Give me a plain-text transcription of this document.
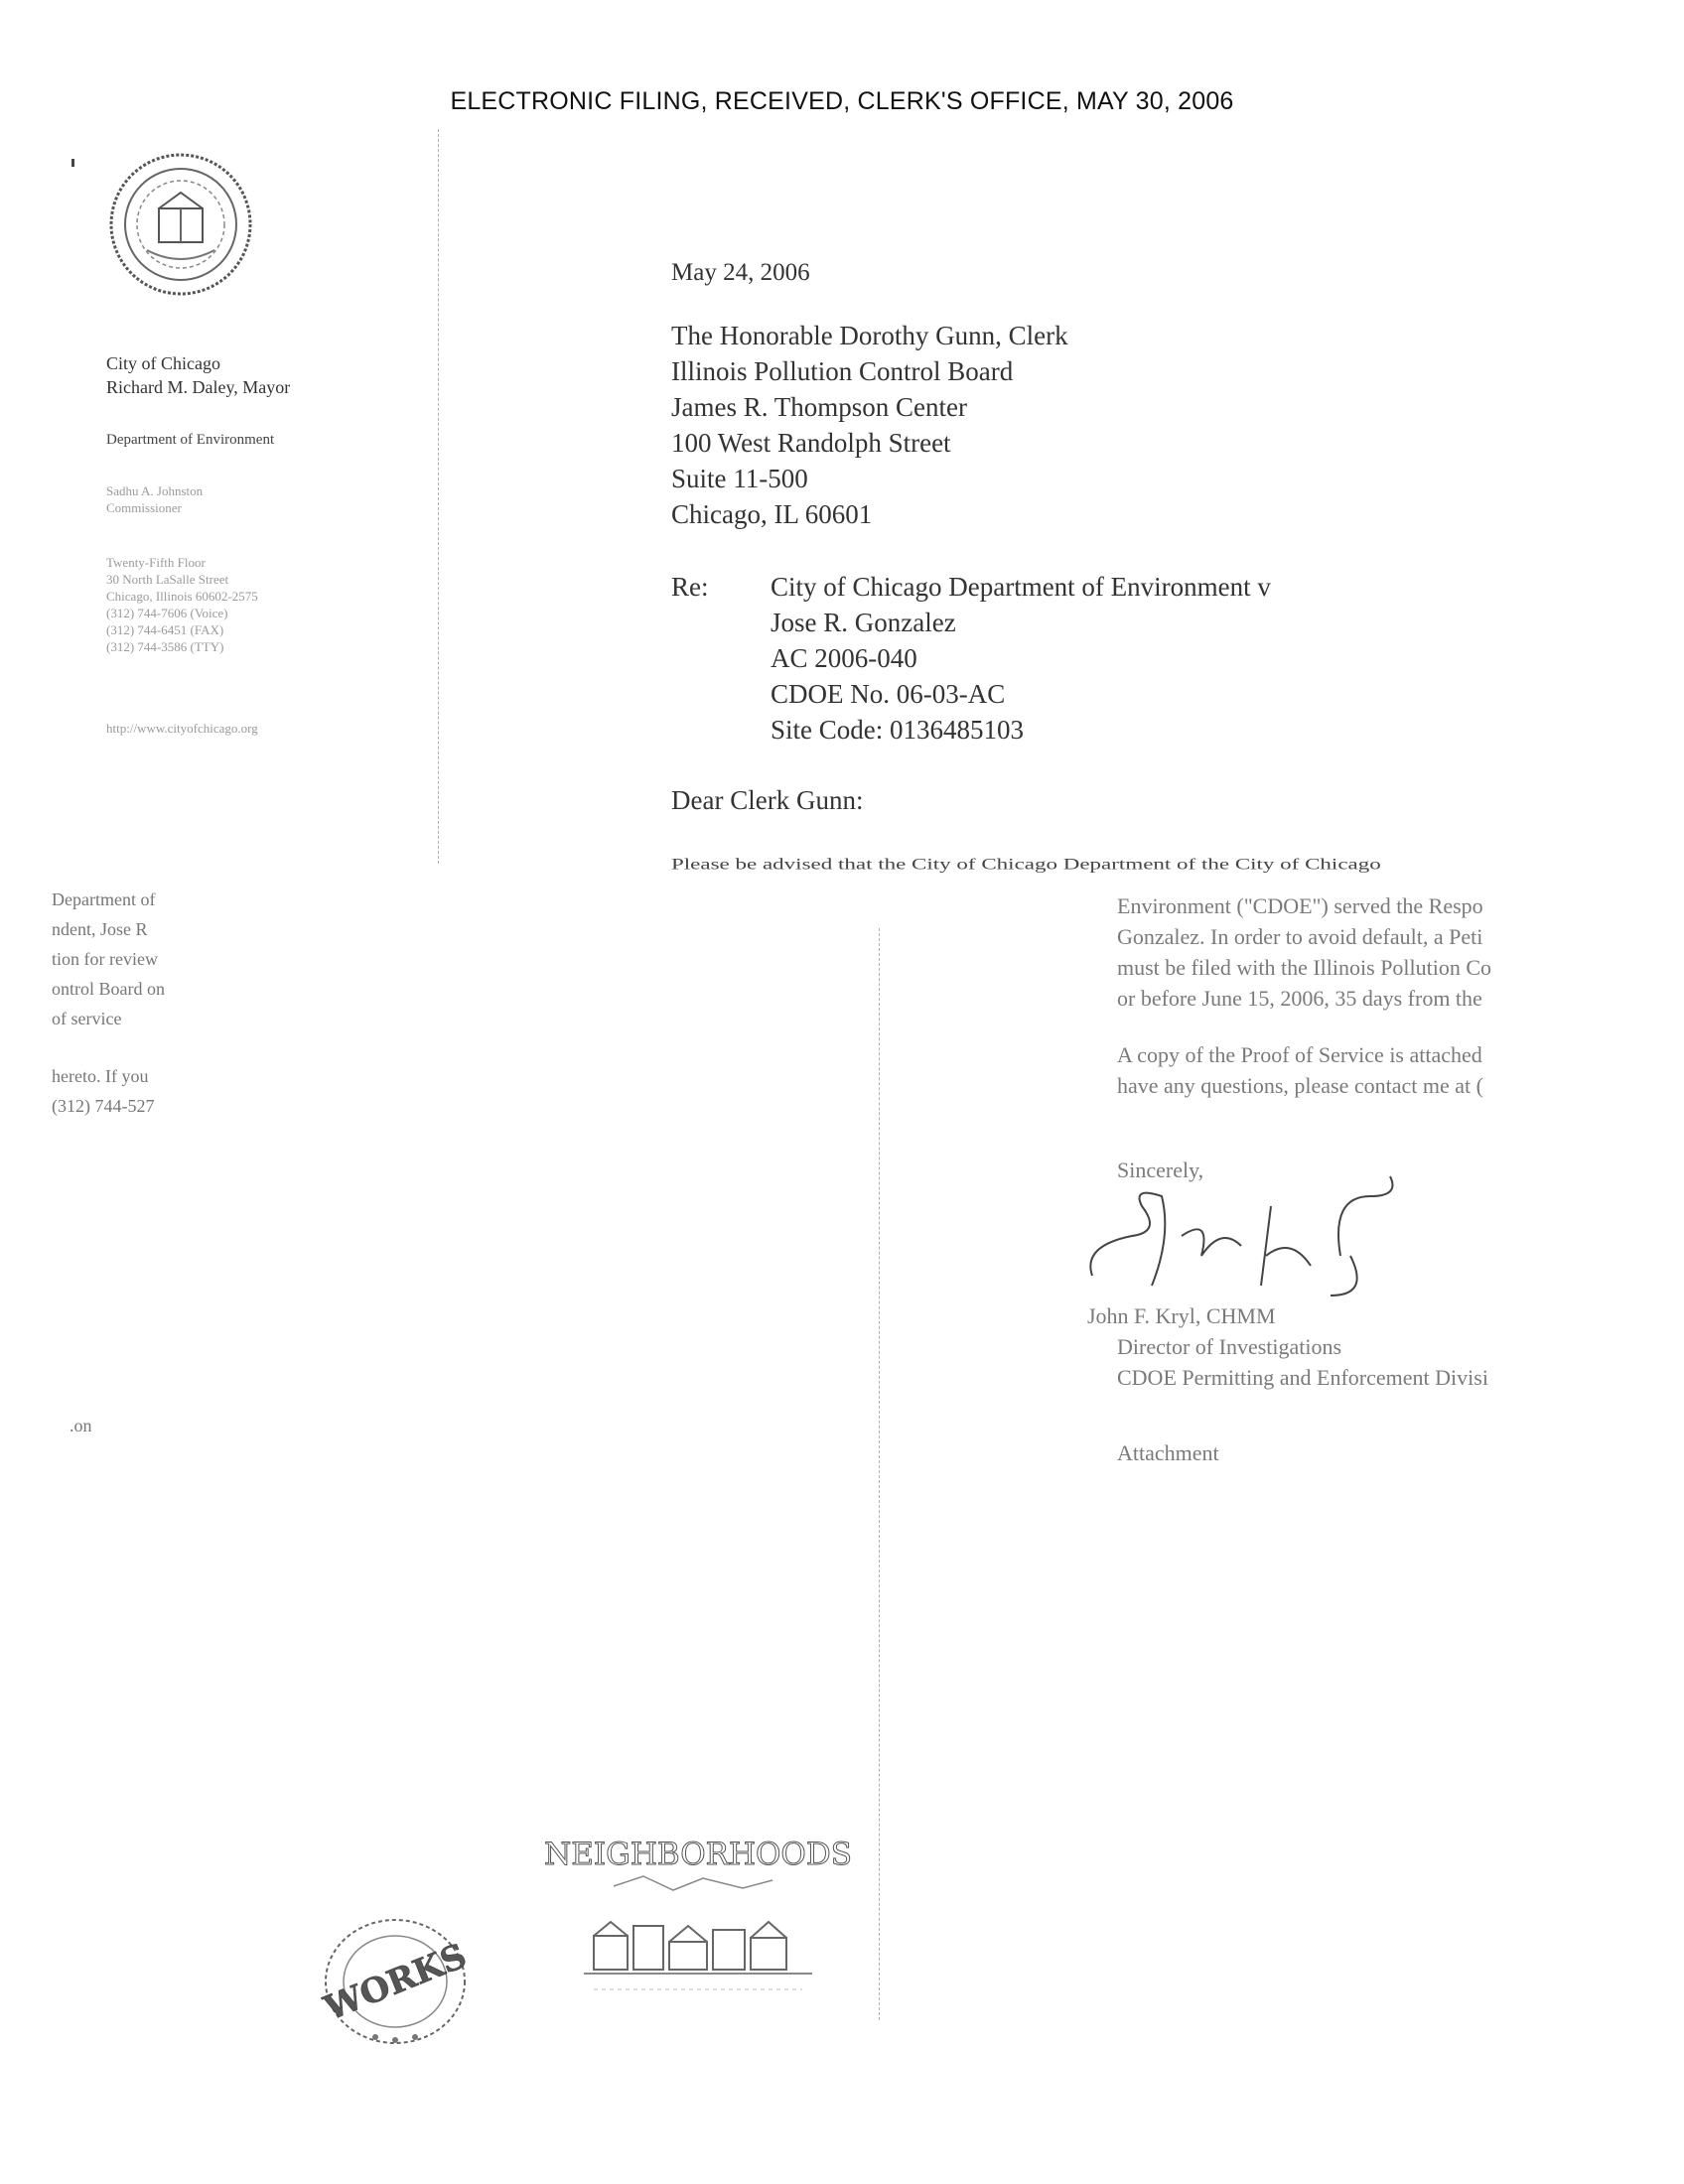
ELECTRONIC FILING, RECEIVED, CLERK'S OFFICE, MAY 30, 2006
City of Chicago
Richard M. Daley, Mayor
Department of Environment
Sadhu A. Johnston
Commissioner
Twenty-Fifth Floor
30 North LaSalle Street
Chicago, Illinois 60602-2575
(312) 744-7606 (Voice)
(312) 744-6451 (FAX)
(312) 744-3586 (TTY)
http://www.cityofchicago.org
May 24, 2006
The Honorable Dorothy Gunn, Clerk
Illinois Pollution Control Board
James R. Thompson Center
100 West Randolph Street
Suite 11-500
Chicago, IL 60601
Re: City of Chicago Department of Environment v
Jose R. Gonzalez
AC 2006-040
CDOE No. 06-03-AC
Site Code: 0136485103
Dear Clerk Gunn:
Please be advised that the City of Chicago Department of the City of Chicago
Environment ("CDOE") served the Respo
Gonzalez. In order to avoid default, a Peti
must be filed with the Illinois Pollution Co
or before June 15, 2006, 35 days from the
A copy of the Proof of Service is attached
have any questions, please contact me at (
Sincerely,
John F. Kryl, CHMM
Director of Investigations
CDOE Permitting and Enforcement Divisi
Attachment
Department of
ndent, Jose R
tion for review
ontrol Board on
of service
hereto. If you
(312) 744-527
.on
WORKS
NEIGHBORHOODS
